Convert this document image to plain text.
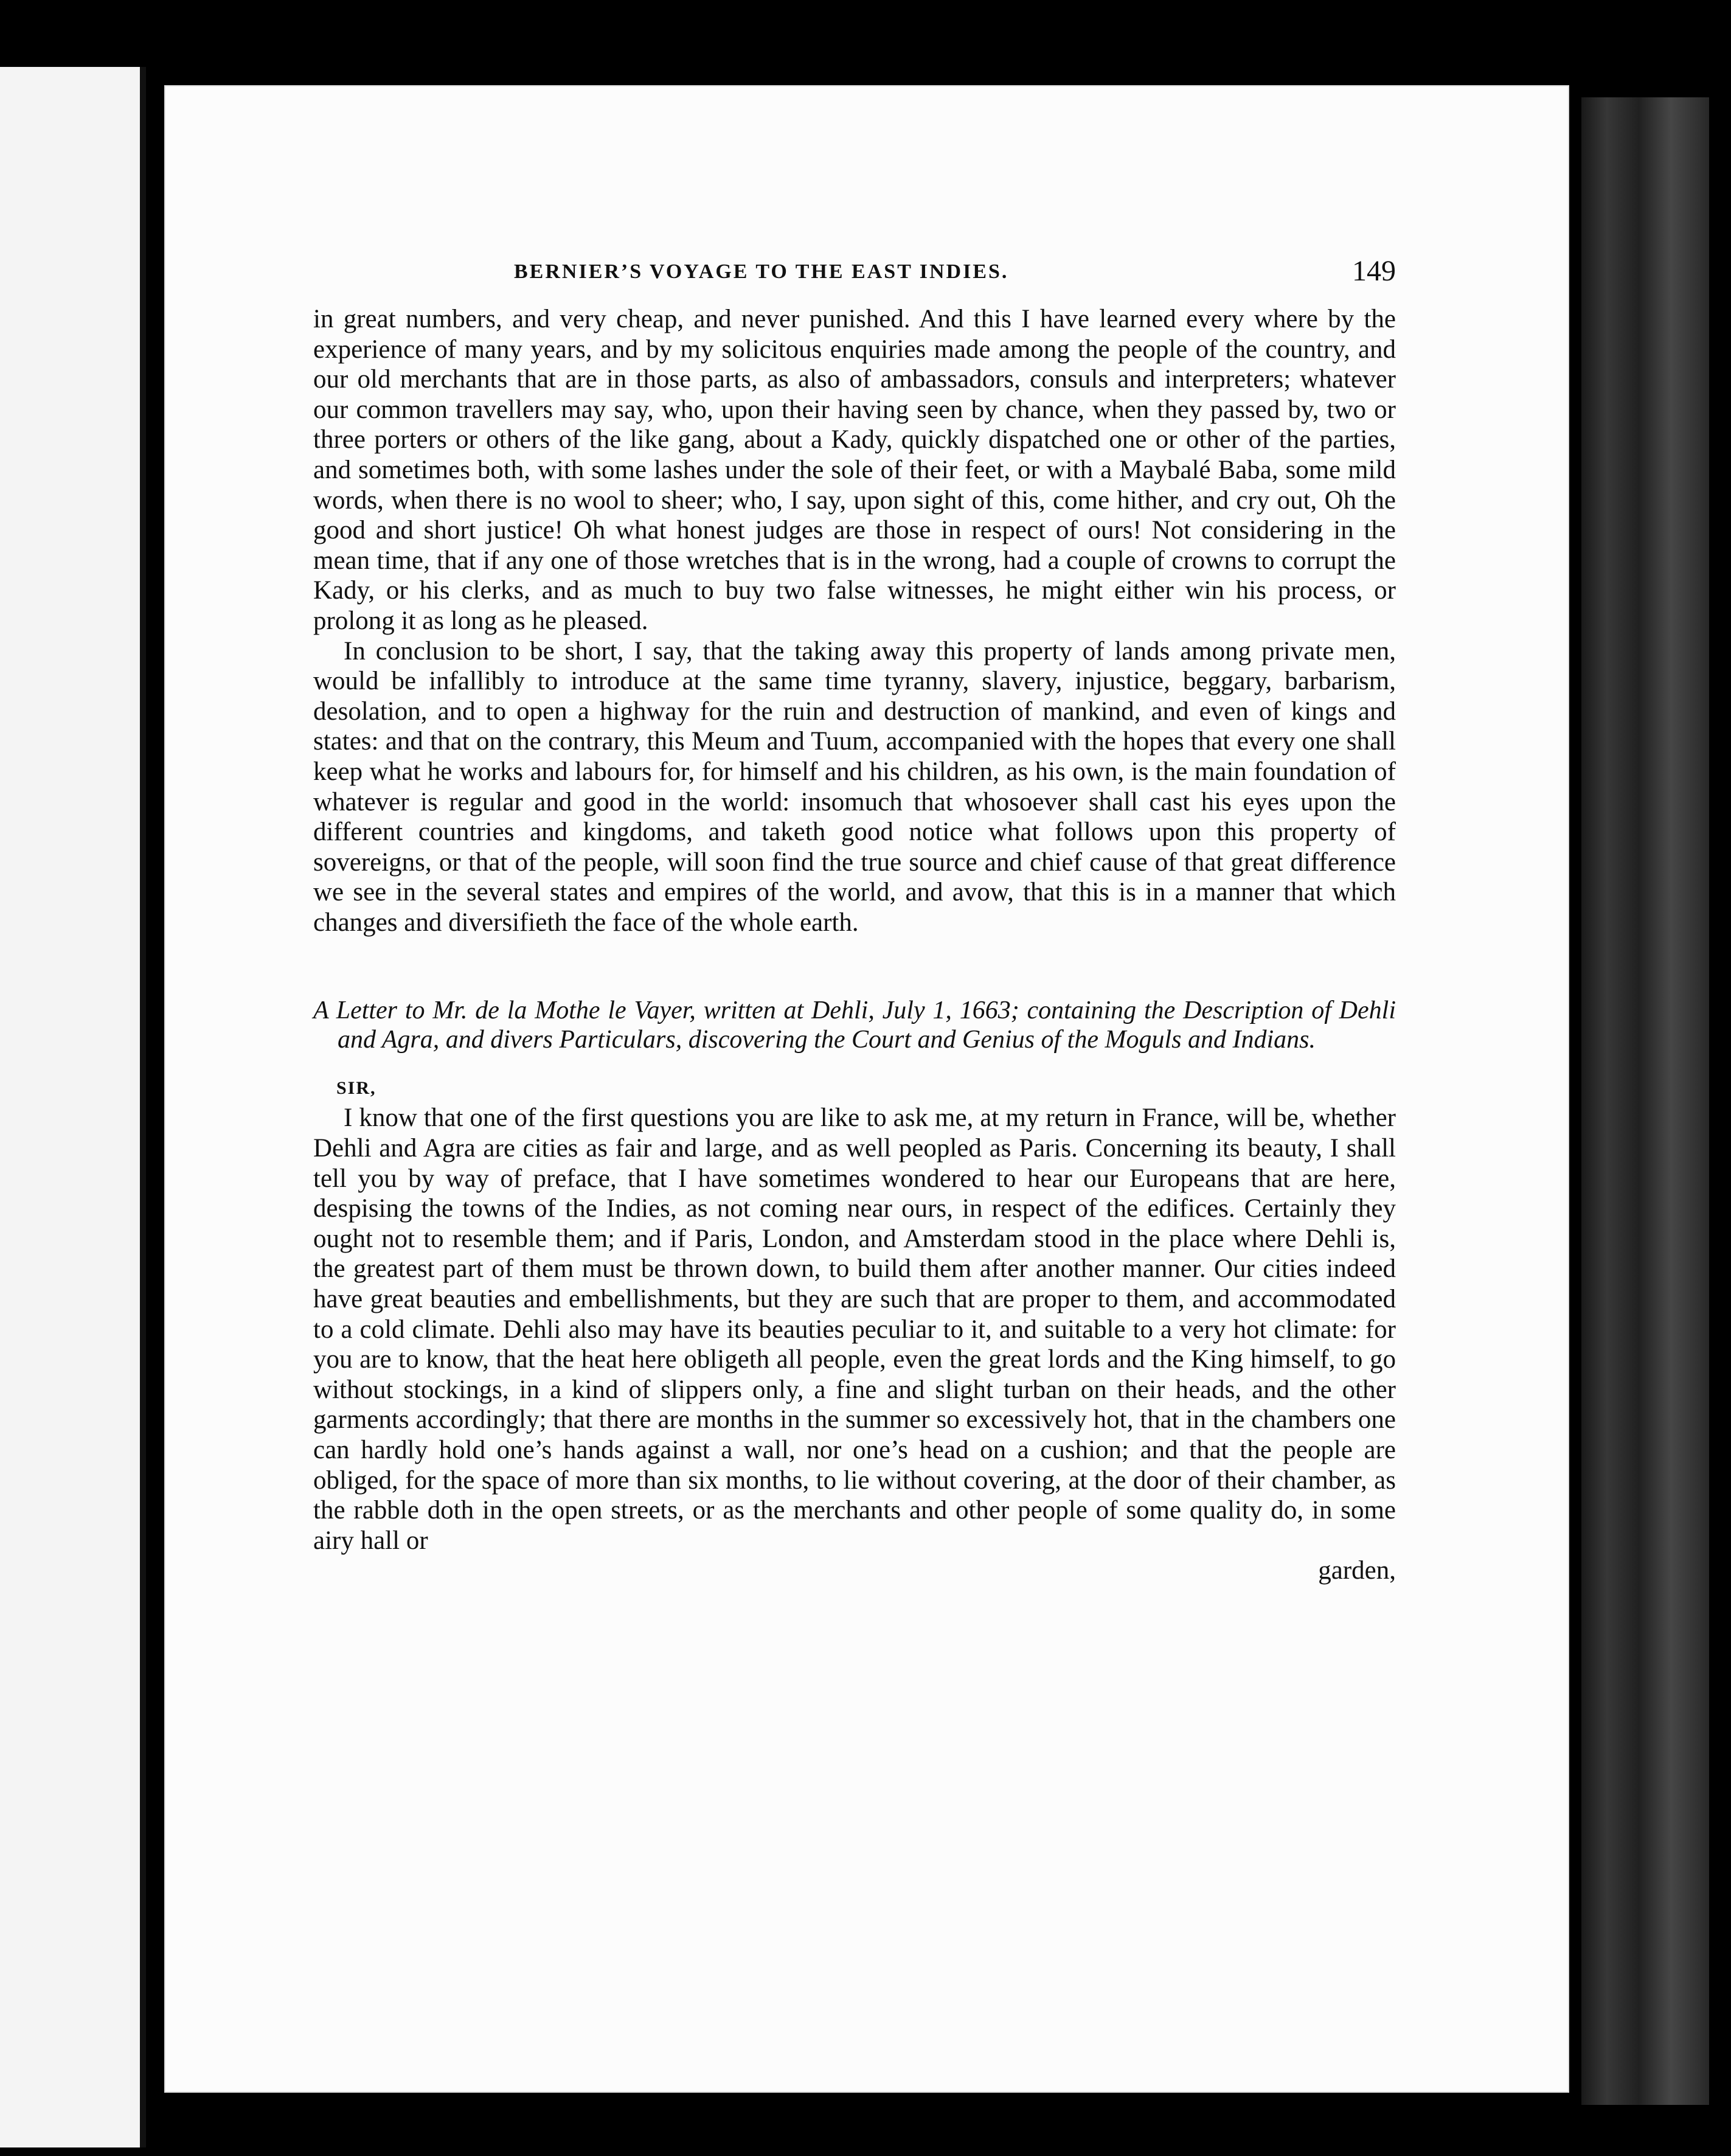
BERNIER’S VOYAGE TO THE EAST INDIES.	149

in great numbers, and very cheap, and never punished. And this I have learned every where by the experience of many years, and by my solicitous enquiries made among the people of the country, and our old merchants that are in those parts, as also of ambassadors, consuls and interpreters; whatever our common travellers may say, who, upon their having seen by chance, when they passed by, two or three porters or others of the like gang, about a Kady, quickly dispatched one or other of the parties, and sometimes both, with some lashes under the sole of their feet, or with a Maybalé Baba, some mild words, when there is no wool to sheer; who, I say, upon sight of this, come hither, and cry out, Oh the good and short justice! Oh what honest judges are those in respect of ours! Not considering in the mean time, that if any one of those wretches that is in the wrong, had a couple of crowns to corrupt the Kady, or his clerks, and as much to buy two false witnesses, he might either win his process, or prolong it as long as he pleased.

In conclusion to be short, I say, that the taking away this property of lands among private men, would be infallibly to introduce at the same time tyranny, slavery, injustice, beggary, barbarism, desolation, and to open a highway for the ruin and destruction of mankind, and even of kings and states: and that on the contrary, this Meum and Tuum, accompanied with the hopes that every one shall keep what he works and labours for, for himself and his children, as his own, is the main foundation of whatever is regular and good in the world: insomuch that whosoever shall cast his eyes upon the different countries and kingdoms, and taketh good notice what follows upon this property of sovereigns, or that of the people, will soon find the true source and chief cause of that great difference we see in the several states and empires of the world, and avow, that this is in a manner that which changes and diversifieth the face of the whole earth.

A Letter to Mr. de la Mothe le Vayer, written at Dehli, July 1, 1663; containing the Description of Dehli and Agra, and divers Particulars, discovering the Court and Genius of the Moguls and Indians.
SIR,

I know that one of the first questions you are like to ask me, at my return in France, will be, whether Dehli and Agra are cities as fair and large, and as well peopled as Paris. Concerning its beauty, I shall tell you by way of preface, that I have sometimes wondered to hear our Europeans that are here, despising the towns of the Indies, as not coming near ours, in respect of the edifices. Certainly they ought not to resemble them; and if Paris, London, and Amsterdam stood in the place where Dehli is, the greatest part of them must be thrown down, to build them after another manner. Our cities indeed have great beauties and embellishments, but they are such that are proper to them, and accommodated to a cold climate. Dehli also may have its beauties peculiar to it, and suitable to a very hot climate: for you are to know, that the heat here obligeth all people, even the great lords and the King himself, to go without stockings, in a kind of slippers only, a fine and slight turban on their heads, and the other garments accordingly; that there are months in the summer so excessively hot, that in the chambers one can hardly hold one’s hands against a wall, nor one’s head on a cushion; and that the people are obliged, for the space of more than six months, to lie without covering, at the door of their chamber, as the rabble doth in the open streets, or as the merchants and other people of some quality do, in some airy hall or

garden,
